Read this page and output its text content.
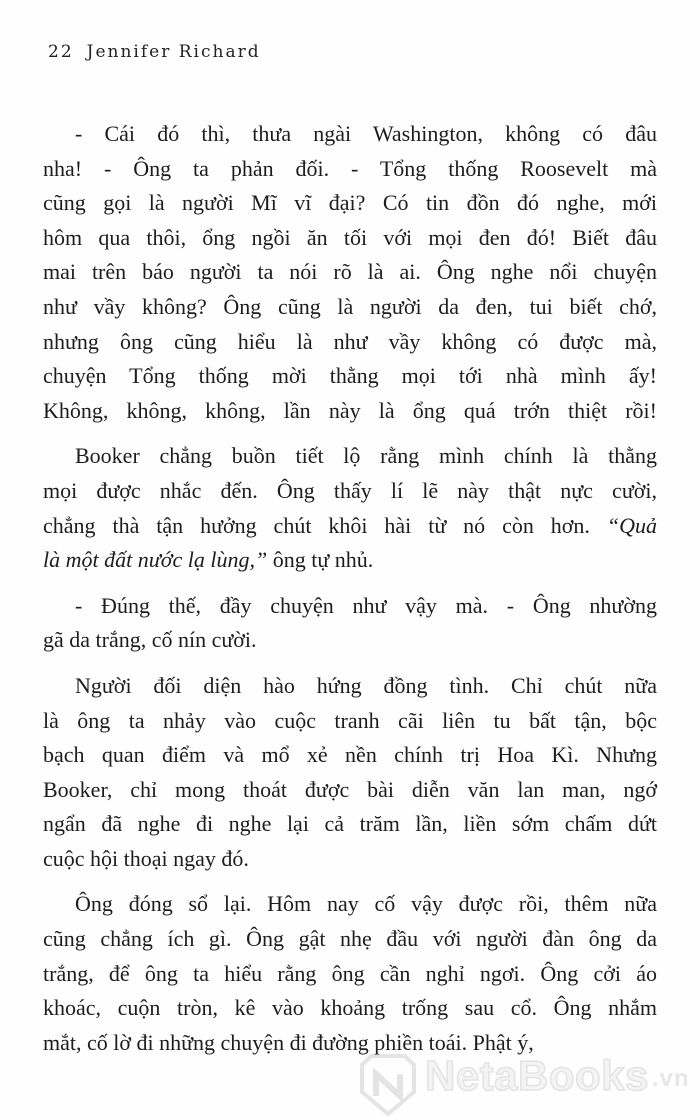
22 Jennifer Richard
NetaBooks .vn
- Cái đó thì, thưa ngài Washington, không có đâu
nha! - Ông ta phản đối. - Tổng thống Roosevelt mà
cũng gọi là người Mĩ vĩ đại? Có tin đồn đó nghe, mới
hôm qua thôi, ổng ngồi ăn tối với mọi đen đó! Biết đâu
mai trên báo người ta nói rõ là ai. Ông nghe nổi chuyện
như vầy không? Ông cũng là người da đen, tui biết chớ,
nhưng ông cũng hiểu là như vầy không có được mà,
chuyện Tổng thống mời thằng mọi tới nhà mình ấy!
Không, không, không, lần này là ổng quá trớn thiệt rồi!
Booker chẳng buồn tiết lộ rằng mình chính là thằng
mọi được nhắc đến. Ông thấy lí lẽ này thật nực cười,
chẳng thà tận hưởng chút khôi hài từ nó còn hơn. “Quả
là một đất nước lạ lùng,” ông tự nhủ.
- Đúng thế, đầy chuyện như vậy mà. - Ông nhường
gã da trắng, cố nín cười.
Người đối diện hào hứng đồng tình. Chỉ chút nữa
là ông ta nhảy vào cuộc tranh cãi liên tu bất tận, bộc
bạch quan điểm và mổ xẻ nền chính trị Hoa Kì. Nhưng
Booker, chỉ mong thoát được bài diễn văn lan man, ngớ
ngẩn đã nghe đi nghe lại cả trăm lần, liền sớm chấm dứt
cuộc hội thoại ngay đó.
Ông đóng sổ lại. Hôm nay cố vậy được rồi, thêm nữa
cũng chẳng ích gì. Ông gật nhẹ đầu với người đàn ông da
trắng, để ông ta hiểu rằng ông cần nghỉ ngơi. Ông cởi áo
khoác, cuộn tròn, kê vào khoảng trống sau cổ. Ông nhắm
mắt, cố lờ đi những chuyện đi đường phiền toái. Phật ý,
